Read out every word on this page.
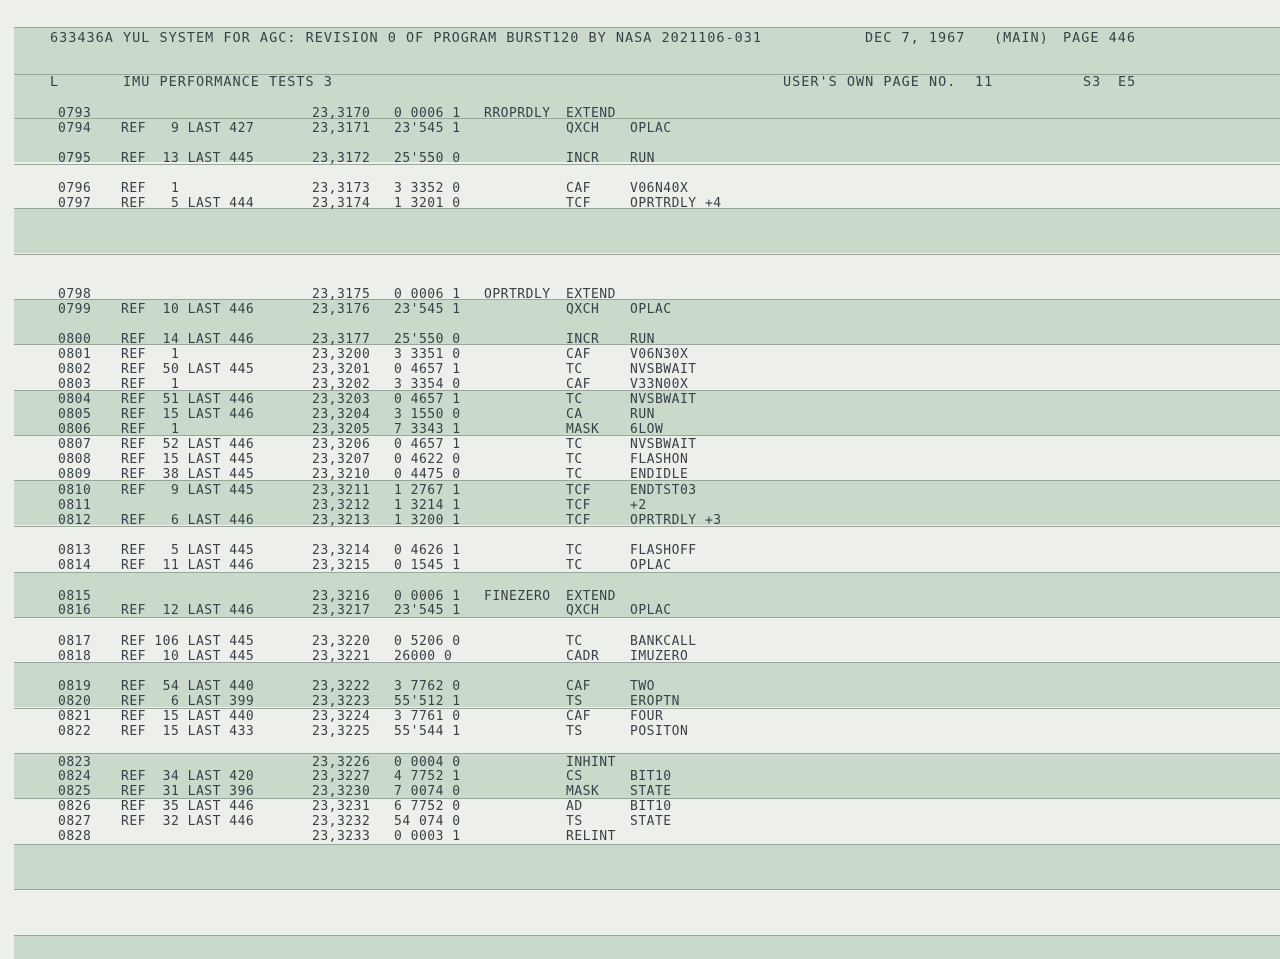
633436A YUL SYSTEM FOR AGC: REVISION 0 OF PROGRAM BURST120 BY NASA 2021106-031	DEC 7, 1967 (MAIN) PAGE 446
L	IMU PERFORMANCE TESTS 3	USER'S OWN PAGE NO. 11	S3 E5
0793	23,3170 0 0006 1 RROPRDLY EXTEND
0794 REF   9 LAST 427	23,3171 23'545 1	QXCH OPLAC
0795 REF  13 LAST 445	23,3172 25'550 0	INCR RUN
0796 REF   1	23,3173 3 3352 0	CAF	V06N40X
0797 REF   5 LAST 444	23,3174 1 3201 0	TCF	OPRTRDLY +4
0798	23,3175 0 0006 1 OPRTRDLY EXTEND
0799 REF  10 LAST 446	23,3176 23'545 1	QXCH OPLAC
0800 REF  14 LAST 446	23,3177 25'550 0	INCR RUN
0801 REF   1	23,3200 3 3351 0	CAF	V06N30X
0802 REF  50 LAST 445	23,3201 0 4657 1	TC	NVSBWAIT
0803 REF   1	23,3202 3 3354 0	CAF	V33N00X
0804 REF  51 LAST 446	23,3203 0 4657 1	TC	NVSBWAIT
0805 REF  15 LAST 446	23,3204 3 1550 0	CA	RUN
0806 REF   1	23,3205 7 3343 1	MASK 6LOW
0807 REF  52 LAST 446	23,3206 0 4657 1	TC	NVSBWAIT
0808 REF  15 LAST 445	23,3207 0 4622 0	TC	FLASHON
0809 REF  38 LAST 445	23,3210 0 4475 0	TC	ENDIDLE
0810 REF   9 LAST 445	23,3211 1 2767 1	TCF	ENDTST03
0811	23,3212 1 3214 1	TCF	+2
0812 REF   6 LAST 446	23,3213 1 3200 1	TCF	OPRTRDLY +3
0813 REF   5 LAST 445	23,3214 0 4626 1	TC	FLASHOFF
0814 REF  11 LAST 446	23,3215 0 1545 1	TC	OPLAC
0815	23,3216 0 0006 1 FINEZERO EXTEND
0816 REF  12 LAST 446	23,3217 23'545 1	QXCH OPLAC
0817 REF 106 LAST 445	23,3220 0 5206 0	TC	BANKCALL
0818 REF  10 LAST 445	23,3221 26000 0	CADR IMUZERO
0819 REF  54 LAST 440	23,3222 3 7762 0	CAF	TWO
0820 REF   6 LAST 399	23,3223 55'512 1	TS	EROPTN
0821 REF  15 LAST 440	23,3224 3 7761 0	CAF	FOUR
0822 REF  15 LAST 433	23,3225 55'544 1	TS	POSITON
0823	23,3226 0 0004 0	INHINT
0824 REF  34 LAST 420	23,3227 4 7752 1	CS	BIT10
0825 REF  31 LAST 396	23,3230 7 0074 0	MASK STATE
0826 REF  35 LAST 446	23,3231 6 7752 0	AD	BIT10
0827 REF  32 LAST 446	23,3232 54 074 0	TS	STATE
0828	23,3233 0 0003 1	RELINT
